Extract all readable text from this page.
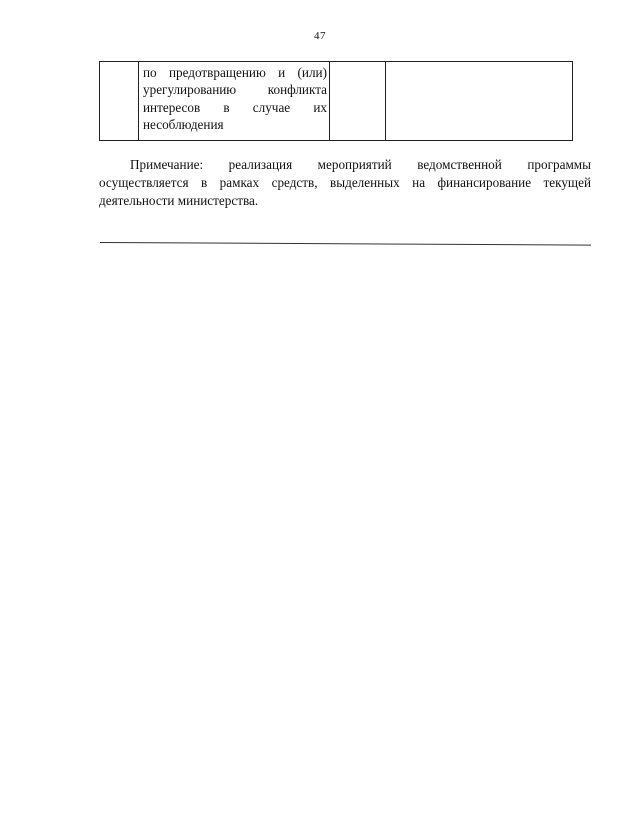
47

по предотвращению и (или)
урегулированию конфликта
интересов в случае их
несоблюдения

Примечание: реализация мероприятий ведомственной программы осуществляется в рамках средств, выделенных на финансирование текущей деятельности министерства.
